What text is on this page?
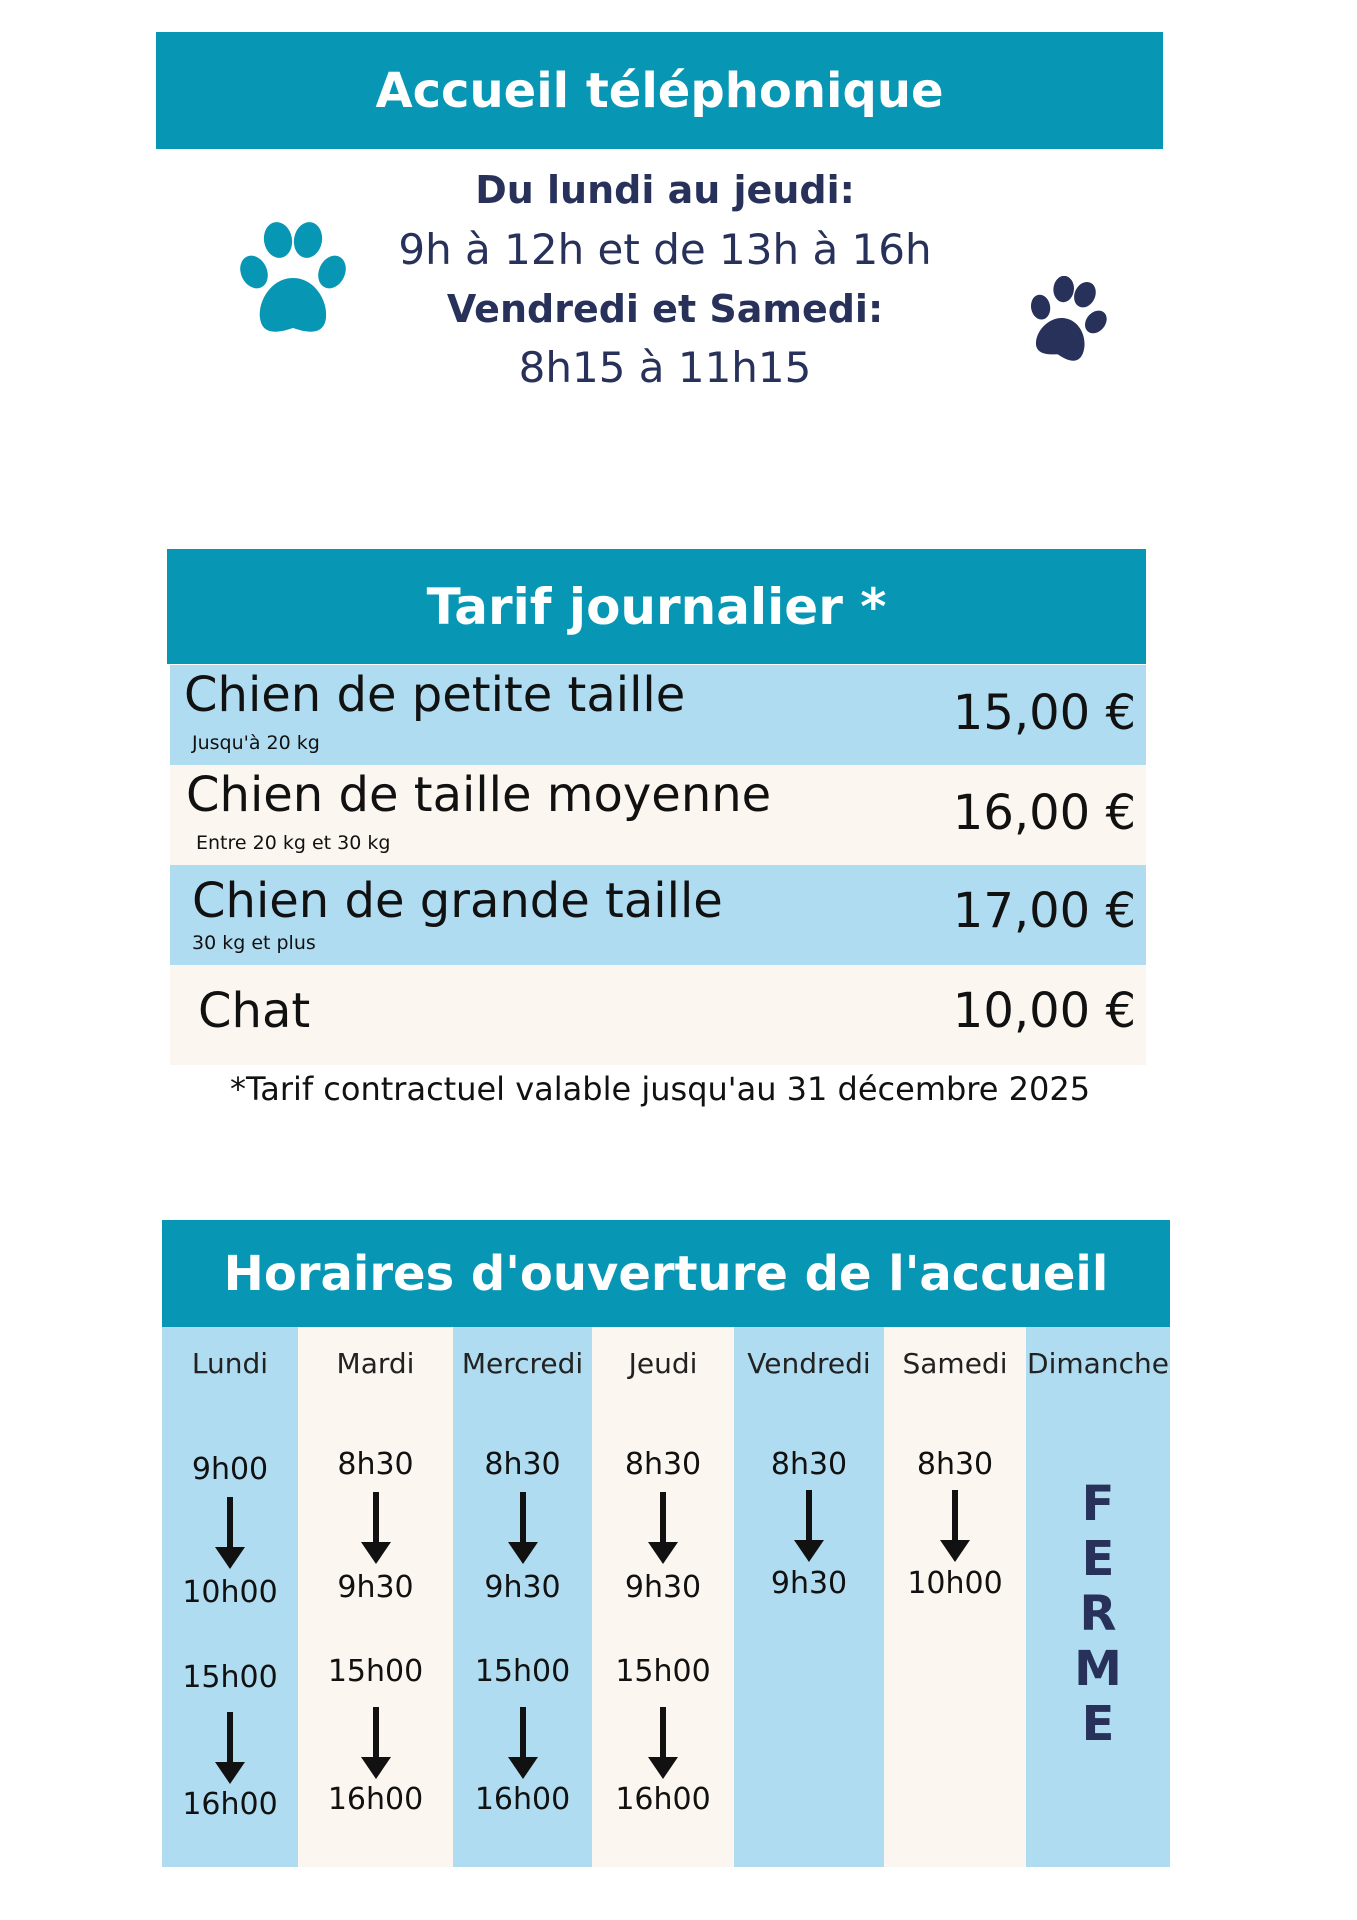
Accueil téléphonique
Du lundi au jeudi:
9h à 12h et de 13h à 16h
Vendredi et Samedi:
8h15 à 11h15
Tarif journalier *
Chien de petite taille
Jusqu'à 20 kg
15,00 €
Chien de taille moyenne
Entre 20 kg et 30 kg
16,00 €
Chien de grande taille
30 kg et plus
17,00 €
Chat	10,00 €
*Tarif contractuel valable jusqu'au 31 décembre 2025
Horaires d'ouverture de l'accueil
Lundi
9h00
10h00
15h00
16h00
Mardi
8h30
9h30
15h00
16h00
Mercredi
8h30
9h30
15h00
16h00
Jeudi
8h30
9h30
15h00
16h00
Vendredi
8h30
9h30
Samedi
8h30
10h00
Dimanche
F
E
R
M
E
